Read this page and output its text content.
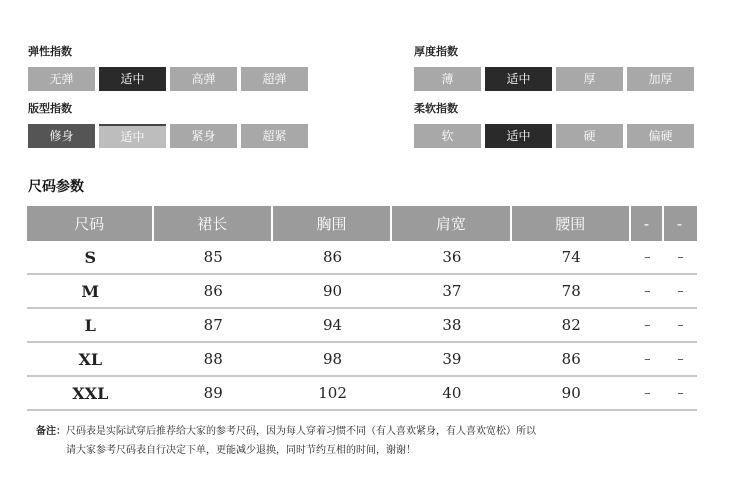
弹性指数
无弹	适中	高弹	超弹
版型指数
修身	适中	紧身	超紧
厚度指数
薄	适中	厚	加厚
柔软指数
软	适中	硬	偏硬
尺码参数
尺码	裙长	胸围	肩宽	腰围	-	-
S	85	86	36	74	–	–
M	86	90	37	78	–	–
L	87	94	38	82	–	–
XL	88	98	39	86	–	–
XXL	89	102	40	90	–	–
备注：尺码表是实际试穿后推荐给大家的参考尺码，因为每人穿着习惯不同（有人喜欢紧身，有人喜欢宽松）所以
请大家参考尺码表自行决定下单，更能减少退换，同时节约互相的时间，谢谢！
